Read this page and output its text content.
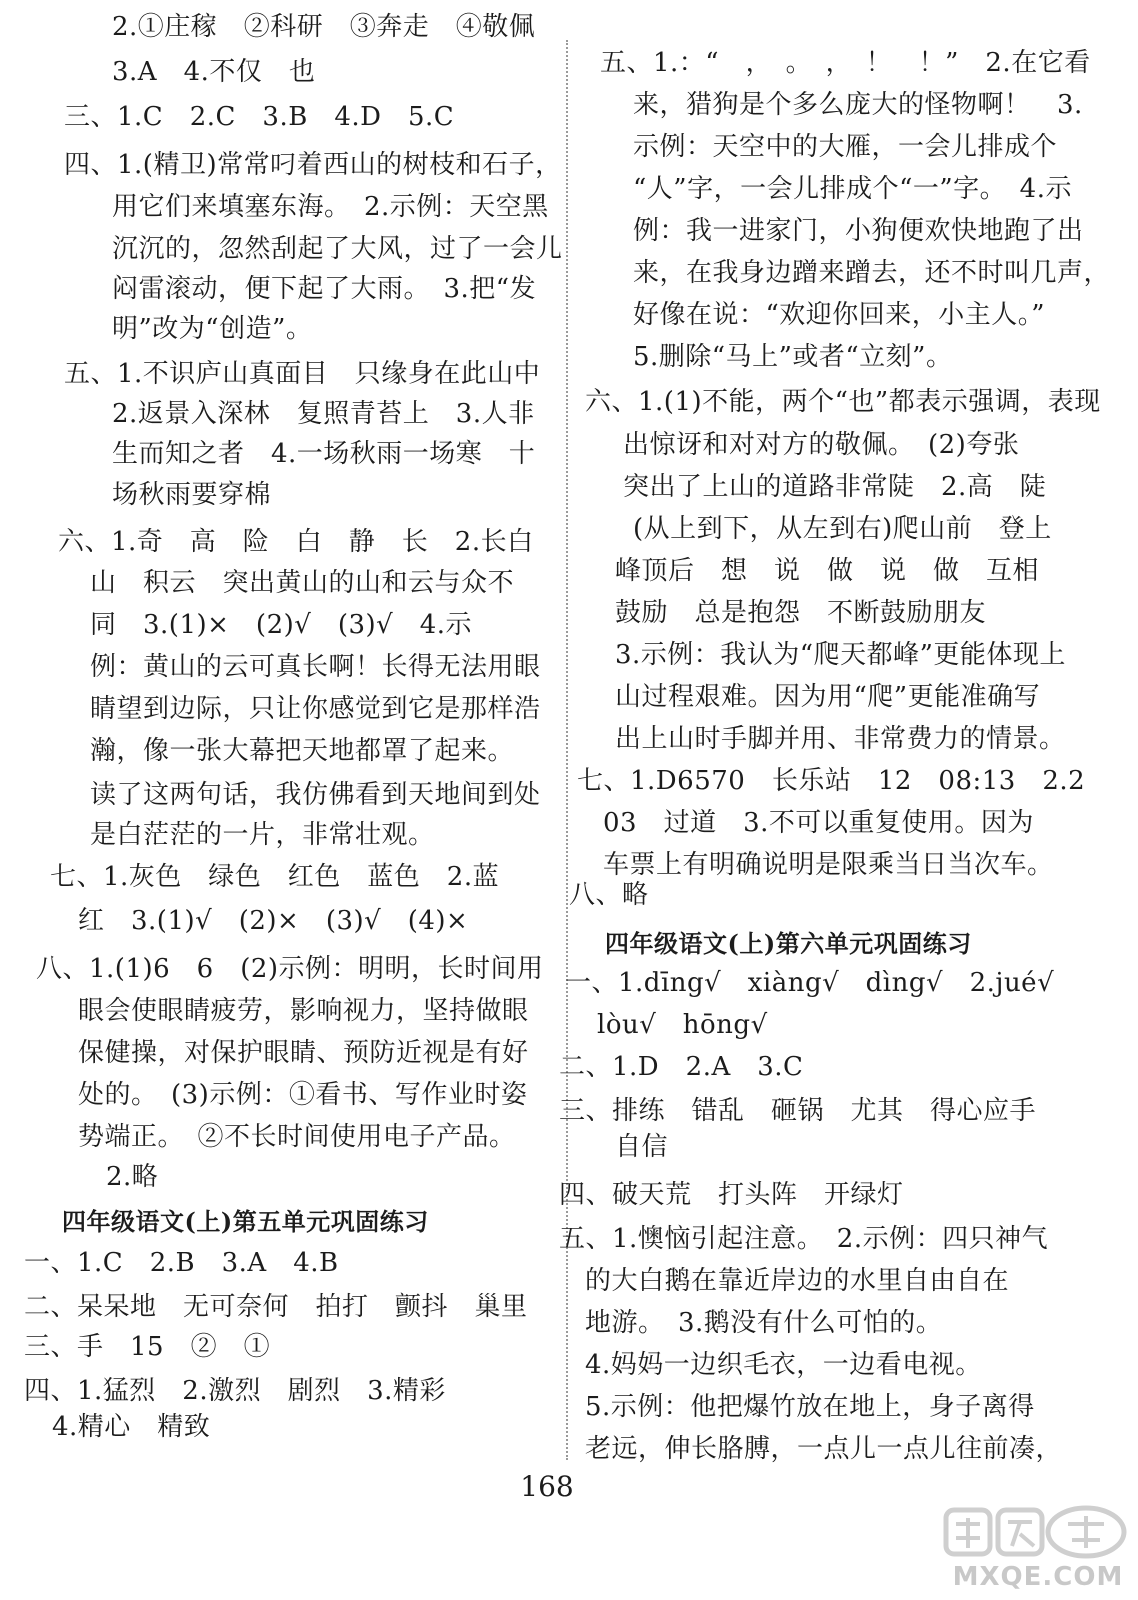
2.①庄稼　②科研　③奔走　④敬佩
3.A　4.不仅　也
三、1.C　2.C　3.B　4.D　5.C
四、1.(精卫)常常叼着西山的树枝和石子，
用它们来填塞东海。　2.示例：天空黑
沉沉的，忽然刮起了大风，过了一会儿
闷雷滚动，便下起了大雨。　3.把“发
明”改为“创造”。
五、1.不识庐山真面目　只缘身在此山中
2.返景入深林　复照青苔上　3.人非
生而知之者　4.一场秋雨一场寒　十
场秋雨要穿棉
六、1.奇　高　险　白　静　长　2.长白
山　积云　突出黄山的山和云与众不
同　3.(1)×　(2)√　(3)√　4.示
例：黄山的云可真长啊！长得无法用眼
睛望到边际，只让你感觉到它是那样浩
瀚，像一张大幕把天地都罩了起来。
读了这两句话，我仿佛看到天地间到处
是白茫茫的一片，非常壮观。
七、1.灰色　绿色　红色　蓝色　2.蓝
红　3.(1)√　(2)×　(3)√　(4)×
八、1.(1)6　6　(2)示例：明明，长时间用
眼会使眼睛疲劳，影响视力，坚持做眼
保健操，对保护眼睛、预防近视是有好
处的。　(3)示例：①看书、写作业时姿
势端正。　②不长时间使用电子产品。
2.略
四年级语文(上)第五单元巩固练习
一、1.C　2.B　3.A　4.B
二、呆呆地　无可奈何　拍打　颤抖　巢里
三、手　15　②　①
四、1.猛烈　2.激烈　剧烈　3.精彩
4.精心　精致
五、1.：“　，　。　，　！　！”　2.在它看
来，猎狗是个多么庞大的怪物啊！　3.
示例：天空中的大雁，一会儿排成个
“人”字，一会儿排成个“一”字。　4.示
例：我一进家门，小狗便欢快地跑了出
来，在我身边蹭来蹭去，还不时叫几声，
好像在说：“欢迎你回来，小主人。”
5.删除“马上”或者“立刻”。
六、1.(1)不能，两个“也”都表示强调，表现
出惊讶和对对方的敬佩。　(2)夸张
突出了上山的道路非常陡　2.高　陡
(从上到下，从左到右)爬山前　登上
峰顶后　想　说　做　说　做　互相
鼓励　总是抱怨　不断鼓励朋友
3.示例：我认为“爬天都峰”更能体现上
山过程艰难。因为用“爬”更能准确写
出上山时手脚并用、非常费力的情景。
七、1.D6570　长乐站　12　08:13　2.2
03　过道　3.不可以重复使用。因为
车票上有明确说明是限乘当日当次车。
八、略
四年级语文(上)第六单元巩固练习
一、1.dīng√　xiàng√　dìng√　2.jué√
lòu√　hōng√
二、1.D　2.A　3.C
三、排练　错乱　砸锅　尤其　得心应手
自信
四、破天荒　打头阵　开绿灯
五、1.懊恼引起注意。　2.示例：四只神气
的大白鹅在靠近岸边的水里自由自在
地游。　3.鹅没有什么可怕的。
4.妈妈一边织毛衣，一边看电视。
5.示例：他把爆竹放在地上，身子离得
老远，伸长胳膊，一点儿一点儿往前凑，
168
MXQE.COM
